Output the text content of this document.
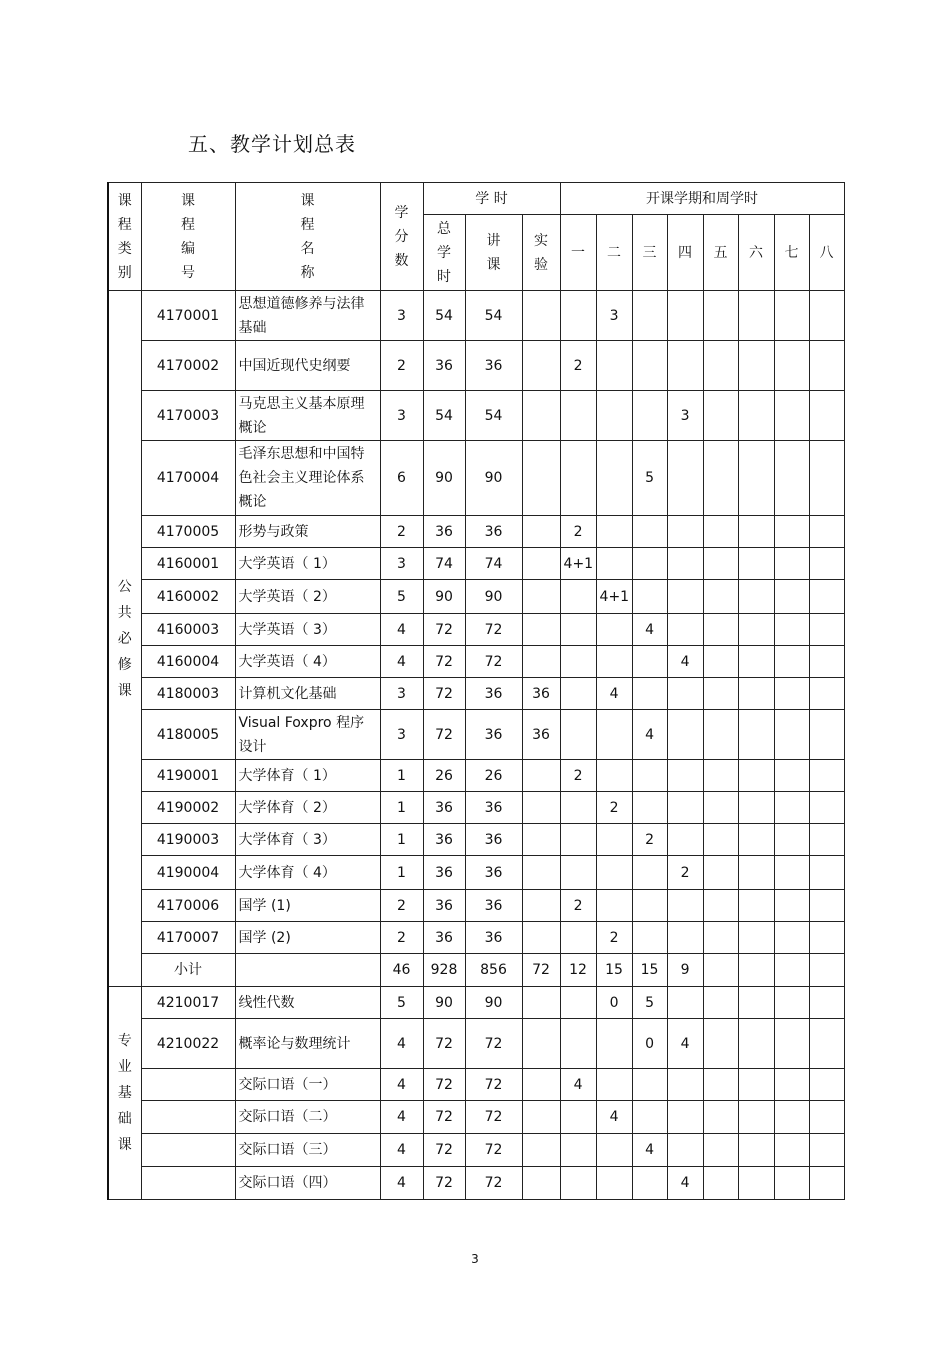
五、教学计划总表
课程类别	课程编号	课程名称	学分数	学 时			开课学期和周学时							

				总学时	讲课	实验	一	二	三	四	五	六	七	八

公共必修课	4170001	思想道德修养与法律基础	3	54	54			3						
	4170002	中国近现代史纲要	2	36	36		2							
	4170003	马克思主义基本原理概论	3	54	54					3				
	4170004	毛泽东思想和中国特色社会主义理论体系概论	6	90	90				5					
	4170005	形势与政策	2	36	36		2							
	4160001	大学英语（ 1）	3	74	74		4+1							
	4160002	大学英语（ 2）	5	90	90			4+1						
	4160003	大学英语（ 3）	4	72	72				4					
	4160004	大学英语（ 4）	4	72	72					4				
	4180003	计算机文化基础	3	72	36	36		4						
	4180005	Visual Foxpro 程序设计	3	72	36	36			4					
	4190001	大学体育（ 1）	1	26	26		2							
	4190002	大学体育（ 2）	1	36	36			2						
	4190003	大学体育（ 3）	1	36	36				2					
	4190004	大学体育（ 4）	1	36	36					2				
	4170006	国学 (1)	2	36	36		2							
	4170007	国学 (2)	2	36	36			2						
	小计		46	928	856	72	12	15	15	9				

专业基础课	4210017	线性代数	5	90	90			0	5					
	4210022	概率论与数理统计	4	72	72				0	4				
		交际口语（一）	4	72	72		4							
		交际口语（二）	4	72	72			4						
		交际口语（三）	4	72	72				4					
		交际口语（四）	4	72	72					4				
3
